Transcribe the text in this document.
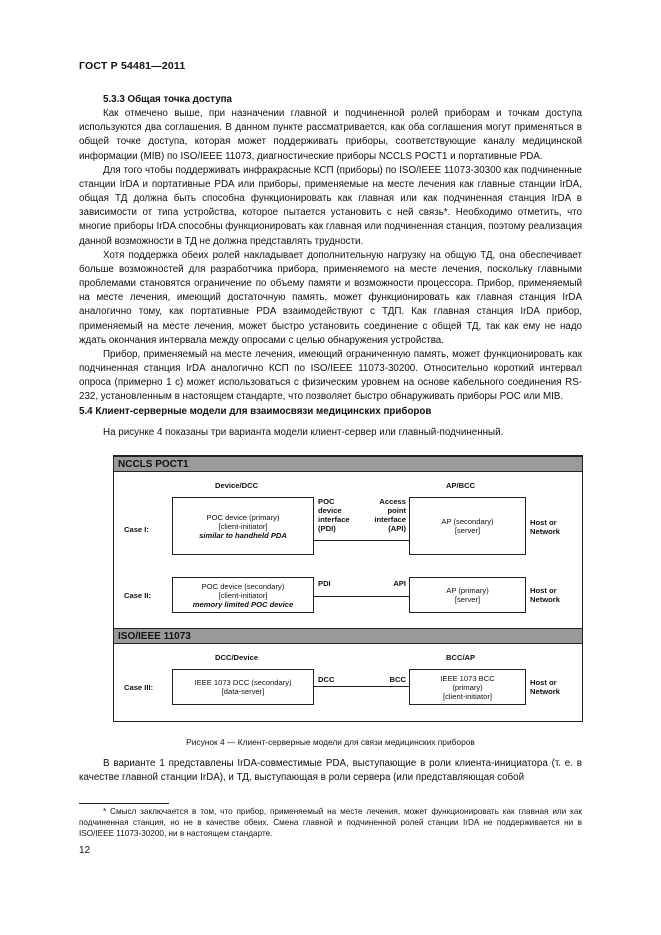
ГОСТ Р 54481—2011

5.3.3 Общая точка доступа

Как отмечено выше, при назначении главной и подчиненной ролей приборам и точкам доступа используются два соглашения. В данном пункте рассматривается, как оба соглашения могут применяться в общей точке доступа, которая может поддерживать приборы, соответствующие каналу медицинской информации (MIB) по ISO/IEEE 11073, диагностические приборы NCCLS POCT1 и портативные PDA.

Для того чтобы поддерживать инфракрасные КСП (приборы) по ISO/IEEE 11073-30300 как подчиненные станции IrDA и портативные PDA или приборы, применяемые на месте лечения как главные станции IrDA, общая ТД должна быть способна функционировать как главная или как подчиненная станция IrDA в зависимости от типа устройства, которое пытается установить с ней связь*. Необходимо отметить, что многие приборы IrDA способны функционировать как главная или подчиненная станция, поэтому реализация данной возможности в ТД не должна представлять трудности.

Хотя поддержка обеих ролей накладывает дополнительную нагрузку на общую ТД, она обеспечивает больше возможностей для разработчика прибора, применяемого на месте лечения, поскольку главными проблемами становятся ограничение по объему памяти и возможности процессора. Прибор, применяемый на месте лечения, имеющий достаточную память, может функционировать как главная станция IrDA аналогично тому, как портативные PDA взаимодействуют с ТДП. Как главная станция IrDA прибор, применяемый на месте лечения, может быстро установить соединение с общей ТД, так как ему не надо ждать окончания интервала между опросами с целью обнаружения устройства.

Прибор, применяемый на месте лечения, имеющий ограниченную память, может функционировать как подчиненная станция IrDA аналогично КСП по ISO/IEEE 11073-30200. Относительно короткий интервал опроса (примерно 1 с) может использоваться с физическим уровнем на основе кабельного соединения RS-232, установленным в настоящем стандарте, что позволяет быстро обнаруживать приборы POC или MIB.

5.4 Клиент-серверные модели для взаимосвязи медицинских приборов

На рисунке 4 показаны три варианта модели клиент-сервер или главный-подчиненный.

NCCLS POCT1
Device/DCC	AP/BCC
Case I:
POC device (primary)
[client-initiator]
similar to handheld PDA
POC
device
interface
(PDI)
Access
point
interface
(API)
AP (secondary)
[server]
Host or
Network
Case II:
POC device (secondary)
[client-initiator]
memory limited POC device
PDI	API
AP (primary)
[server]
Host or
Network
ISO/IEEE 11073
DCC/Device	BCC/AP
Case III:
IEEE 1073 DCC (secondary)
[data-server]
DCC	BCC	IEEE 1073 BCC
(primary)
[client-initiator]
Host or
Network
Рисунок 4 — Клиент-серверные модели для связи медицинских приборов

В варианте 1 представлены IrDA-совместимые PDA, выступающие в роли клиента-инициатора (т. е. в качестве главной станции IrDA), и ТД, выступающая в роли сервера (или представляющая собой

* Смысл заключается в том, что прибор, применяемый на месте лечения, может функционировать как главная или как подчиненная станция, но не в качестве обеих. Смена главной и подчиненной ролей станции IrDA не поддерживается ни в ISO/IEEE 11073-30200, ни в настоящем стандарте.

12
